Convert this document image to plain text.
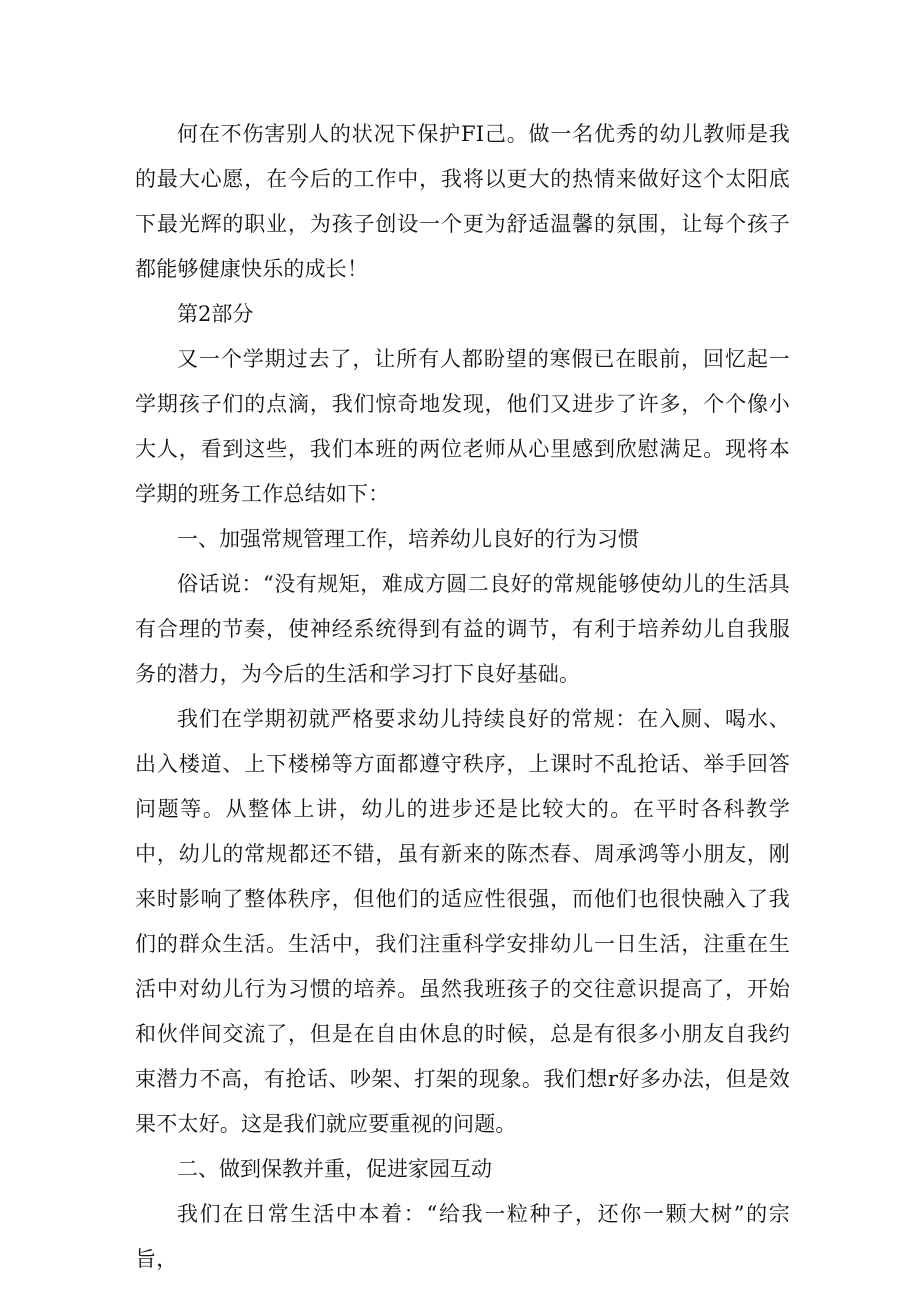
何在不伤害别人的状况下保护FI己。做一名优秀的幼儿教师是我的最大心愿，在今后的工作中，我将以更大的热情来做好这个太阳底下最光辉的职业，为孩子创设一个更为舒适温馨的氛围，让每个孩子都能够健康快乐的成长！

第2部分

又一个学期过去了，让所有人都盼望的寒假已在眼前，回忆起一学期孩子们的点滴，我们惊奇地发现，他们又进步了许多，个个像小大人，看到这些，我们本班的两位老师从心里感到欣慰满足。现将本学期的班务工作总结如下：

一、加强常规管理工作，培养幼儿良好的行为习惯

俗话说：“没有规矩，难成方圆二良好的常规能够使幼儿的生活具有合理的节奏，使神经系统得到有益的调节，有利于培养幼儿自我服务的潜力，为今后的生活和学习打下良好基础。

我们在学期初就严格要求幼儿持续良好的常规：在入厕、喝水、出入楼道、上下楼梯等方面都遵守秩序，上课时不乱抢话、举手回答问题等。从整体上讲，幼儿的进步还是比较大的。在平时各科教学中，幼儿的常规都还不错，虽有新来的陈杰春、周承鸿等小朋友，刚来时影响了整体秩序，但他们的适应性很强，而他们也很快融入了我们的群众生活。生活中，我们注重科学安排幼儿一日生活，注重在生活中对幼儿行为习惯的培养。虽然我班孩子的交往意识提高了，开始和伙伴间交流了，但是在自由休息的时候，总是有很多小朋友自我约束潜力不高，有抢话、吵架、打架的现象。我们想r好多办法，但是效果不太好。这是我们就应要重视的问题。

二、做到保教并重，促进家园互动

我们在日常生活中本着：“给我一粒种子，还你一颗大树”的宗旨，
